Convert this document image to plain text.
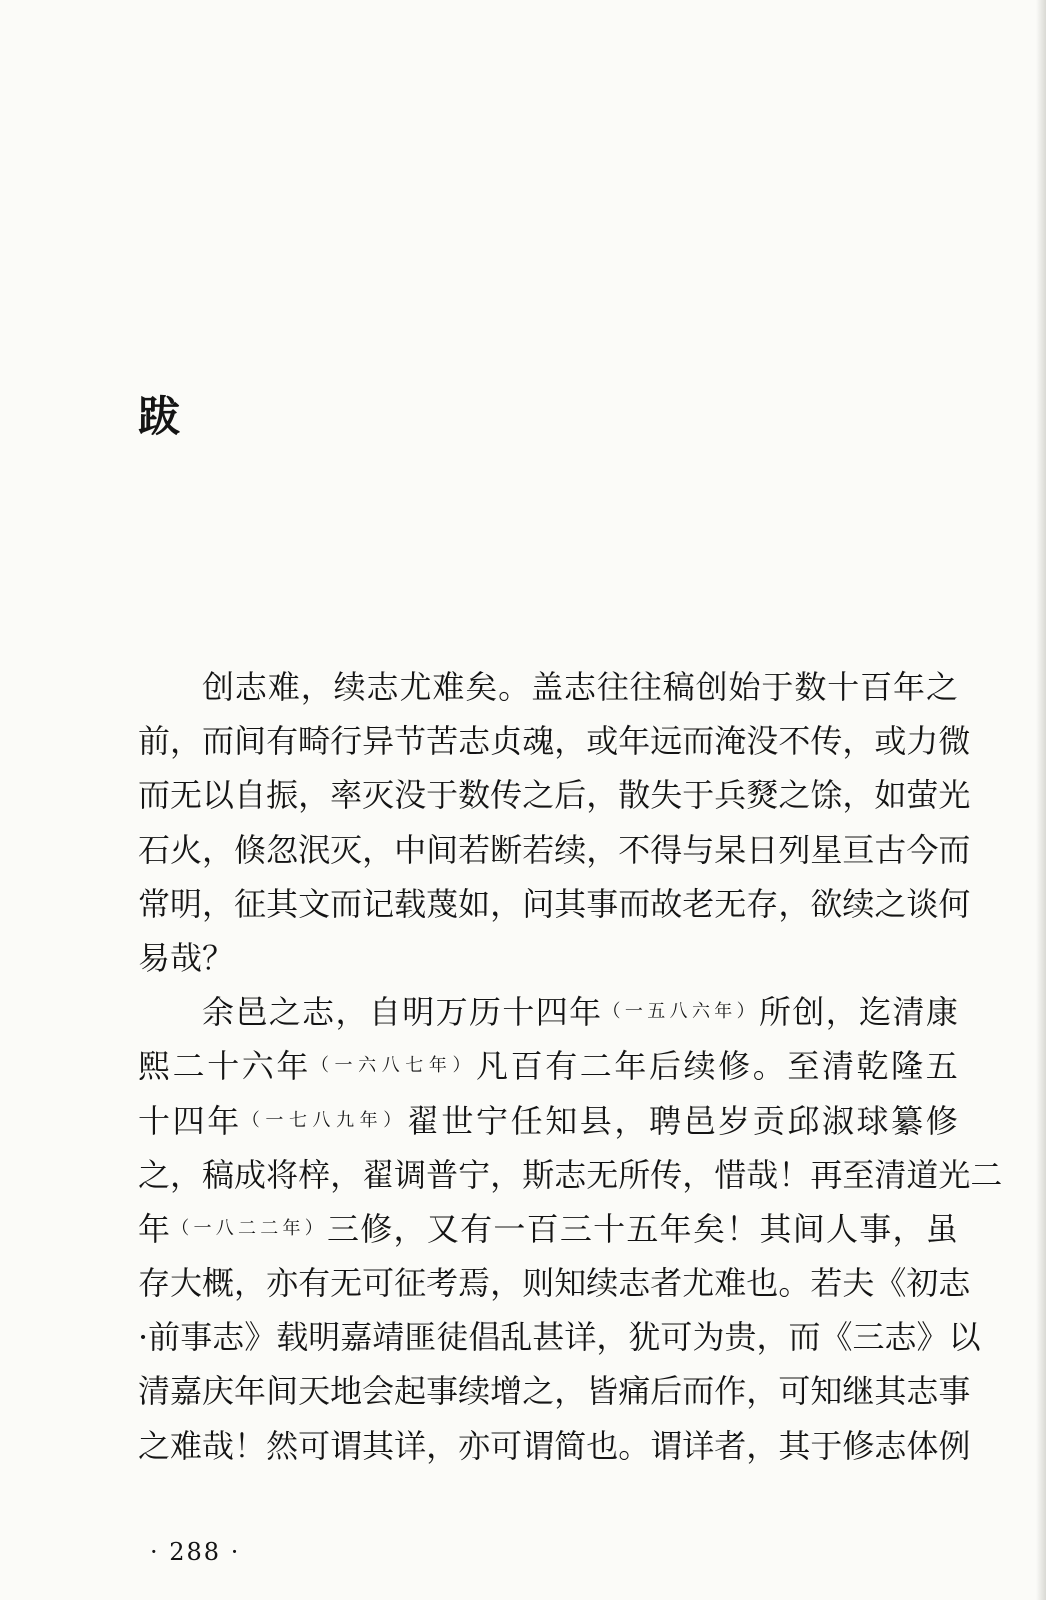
跋
创 志 难 ， 续 志 尤 难 矣 。 盖 志 往 往 稿 创 始 于 数 十 百 年 之
前 ， 而 间 有 畸 行 异 节 苦 志 贞 魂 ， 或 年 远 而 淹 没 不 传 ， 或 力 微
而 无 以 自 振 ， 率 灭 没 于 数 传 之 后 ， 散 失 于 兵 燹 之 馀 ， 如 萤 光
石 火 ， 倏 忽 泯 灭 ， 中 间 若 断 若 续 ， 不 得 与 杲 日 列 星 亘 古 今 而
常 明 ， 征 其 文 而 记 载 蔑 如 ， 问 其 事 而 故 老 无 存 ， 欲 续 之 谈 何
易 哉 ？
余 邑 之 志 ， 自 明 万 历 十 四 年 （ 一 五 八 六 年 ） 所 创 ， 迄 清 康
熙 二 十 六 年 （ 一 六 八 七 年 ） 凡 百 有 二 年 后 续 修 。 至 清 乾 隆 五
十 四 年 （ 一 七 八 九 年 ） 翟 世 宁 任 知 县 ， 聘 邑 岁 贡 邱 淑 球 纂 修
之 ， 稿 成 将 梓 ， 翟 调 普 宁 ， 斯 志 无 所 传 ， 惜 哉 ！ 再 至 清 道 光 二
年 （ 一 八 二 二 年 ） 三 修 ， 又 有 一 百 三 十 五 年 矣 ！ 其 间 人 事 ， 虽
存 大 概 ， 亦 有 无 可 征 考 焉 ， 则 知 续 志 者 尤 难 也 。 若 夫 《 初 志
· 前 事 志 》 载 明 嘉 靖 匪 徒 倡 乱 甚 详 ， 犹 可 为 贵 ， 而 《 三 志 》 以
清 嘉 庆 年 间 天 地 会 起 事 续 增 之 ， 皆 痛 后 而 作 ， 可 知 继 其 志 事
之 难 哉 ！ 然 可 谓 其 详 ， 亦 可 谓 简 也 。 谓 详 者 ， 其 于 修 志 体 例
· 288 ·
